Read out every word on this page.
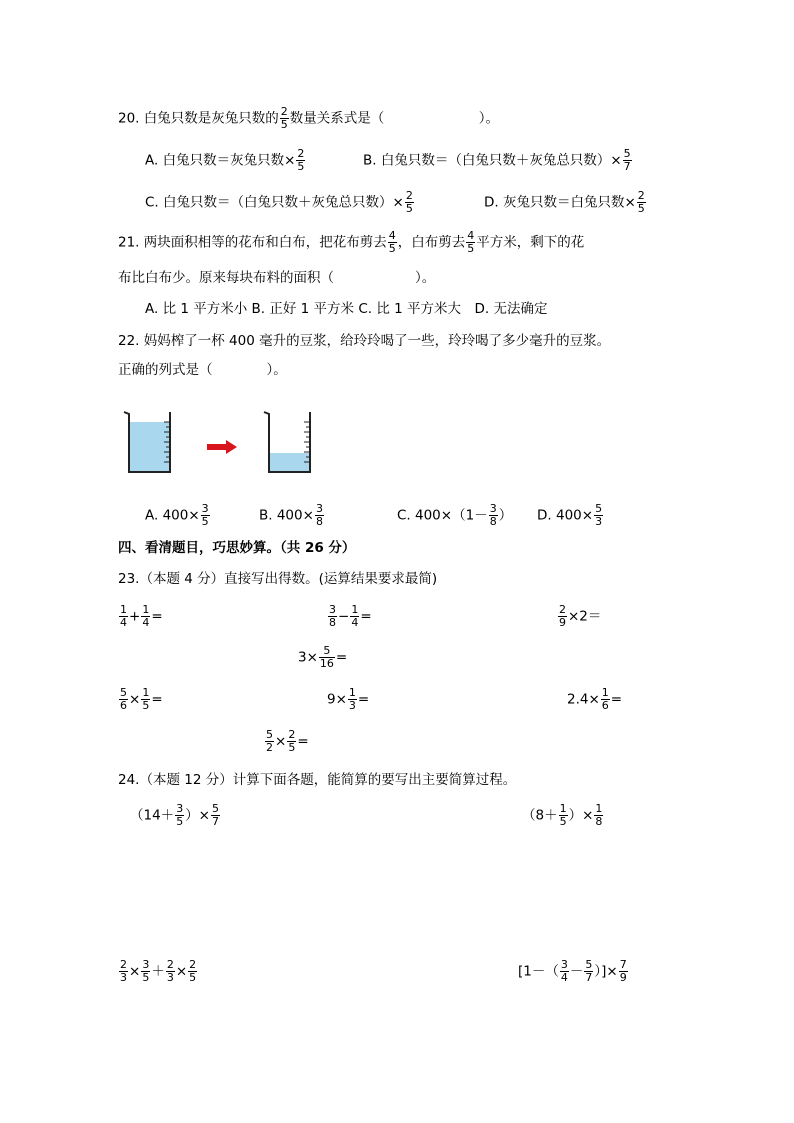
20. 白兔只数是灰兔只数的 $\frac{2}{5}$ 数量关系式是（　　　　　　　）。
A. 白兔只数＝灰兔只数× $\frac{2}{5}$	B. 白兔只数＝（白兔只数＋灰兔总只数）× $\frac{5}{7}$
C. 白兔只数＝（白兔只数＋灰兔总只数）× $\frac{2}{5}$	D. 灰兔只数＝白兔只数× $\frac{2}{5}$
21. 两块面积相等的花布和白布，把花布剪去 $\frac{4}{5}$ ，白布剪去 $\frac{4}{5}$ 平方米，剩下的花
布比白布少。原来每块布料的面积（　　　　　　）。
A. 比 1 平方米小 B. 正好 1 平方米 C. 比 1 平方米大　D. 无法确定
22. 妈妈榨了一杯 400 毫升的豆浆，给玲玲喝了一些，玲玲喝了多少毫升的豆浆。
正确的列式是（　　　　）。
A. $400\times \frac{3}{5}$	B. $400\times \frac{3}{8}$	C. $400\times(1- \frac{3}{8}$ ） D. $400\times \frac{5}{3}$
四、看清题目，巧思妙算。（共 26 分）
23.（本题 4 分）直接写出得数。(运算结果要求最简)
$\frac{1}{4} + \frac{1}{4}$ =	$\frac{3}{8} - \frac{1}{4}$ =	$\frac{2}{9} \times 2=$
$3\times \frac{5}{16}$ =
$\frac{5}{6} \times \frac{1}{5}$ =	$9\times \frac{1}{3}$ =	$2.4\times \frac{1}{6}$ =
$\frac{5}{2} \times \frac{2}{5}$ =
24.（本题 12 分）计算下面各题，能简算的要写出主要简算过程。
（$14+ \frac{3}{5}$ ）× $\frac{5}{7}$	（$8+ \frac{1}{5}$ ）× $\frac{1}{8}$
$\frac{2}{3} \times \frac{3}{5} + \frac{2}{3} \times \frac{2}{5}$	[$1-( \frac{3}{4} - \frac{5}{7}$ ）]× $\frac{7}{9}$
